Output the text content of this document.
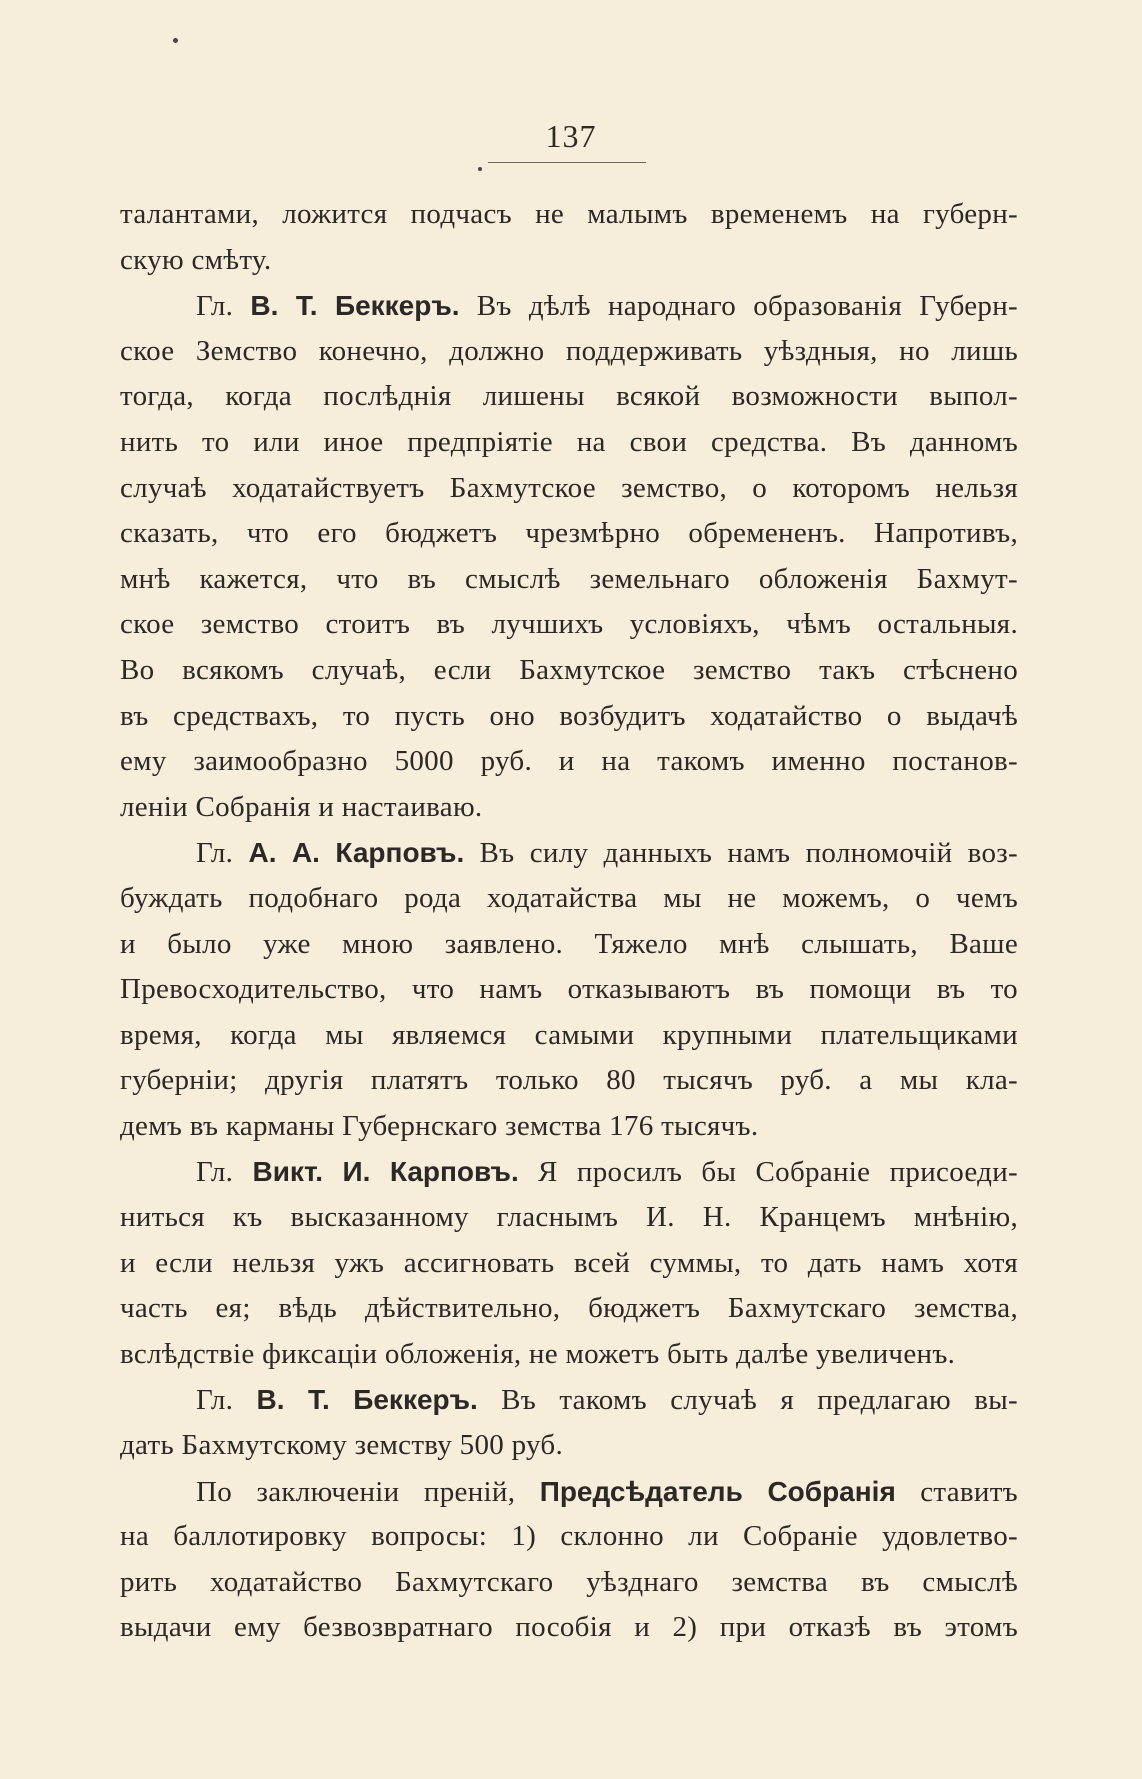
137
талантами, ложится подчасъ не малымъ временемъ на губерн-
скую смѣту.
Гл. В. Т. Беккеръ. Въ дѣлѣ народнаго образованія Губерн-
ское Земство конечно, должно поддерживать уѣздныя, но лишь
тогда, когда послѣднія лишены всякой возможности выпол-
нить то или иное предпріятіе на свои средства. Въ данномъ
случаѣ ходатайствуетъ Бахмутское земство, о которомъ нельзя
сказать, что его бюджетъ чрезмѣрно обремененъ. Напротивъ,
мнѣ кажется, что въ смыслѣ земельнаго обложенія Бахмут-
ское земство стоитъ въ лучшихъ условіяхъ, чѣмъ остальныя.
Во всякомъ случаѣ, если Бахмутское земство такъ стѣснено
въ средствахъ, то пусть оно возбудитъ ходатайство о выдачѣ
ему заимообразно 5000 руб. и на такомъ именно постанов-
леніи Собранія и настаиваю.
Гл. А. А. Карповъ. Въ силу данныхъ намъ полномочій воз-
буждать подобнаго рода ходатайства мы не можемъ, о чемъ
и было уже мною заявлено. Тяжело мнѣ слышать, Ваше
Превосходительство, что намъ отказываютъ въ помощи въ то
время, когда мы являемся самыми крупными плательщиками
губерніи; другія платятъ только 80 тысячъ руб. а мы кла-
демъ въ карманы Губернскаго земства 176 тысячъ.
Гл. Викт. И. Карповъ. Я просилъ бы Собраніе присоеди-
ниться къ высказанному гласнымъ И. Н. Кранцемъ мнѣнію,
и если нельзя ужъ ассигновать всей суммы, то дать намъ хотя
часть ея; вѣдь дѣйствительно, бюджетъ Бахмутскаго земства,
вслѣдствіе фиксаціи обложенія, не можетъ быть далѣе увеличенъ.
Гл. В. Т. Беккеръ. Въ такомъ случаѣ я предлагаю вы-
дать Бахмутскому земству 500 руб.
По заключеніи преній, Предсѣдатель Собранія ставитъ
на баллотировку вопросы: 1) склонно ли Собраніе удовлетво-
рить ходатайство Бахмутскаго уѣзднаго земства въ смыслѣ
выдачи ему безвозвратнаго пособія и 2) при отказѣ въ этомъ
